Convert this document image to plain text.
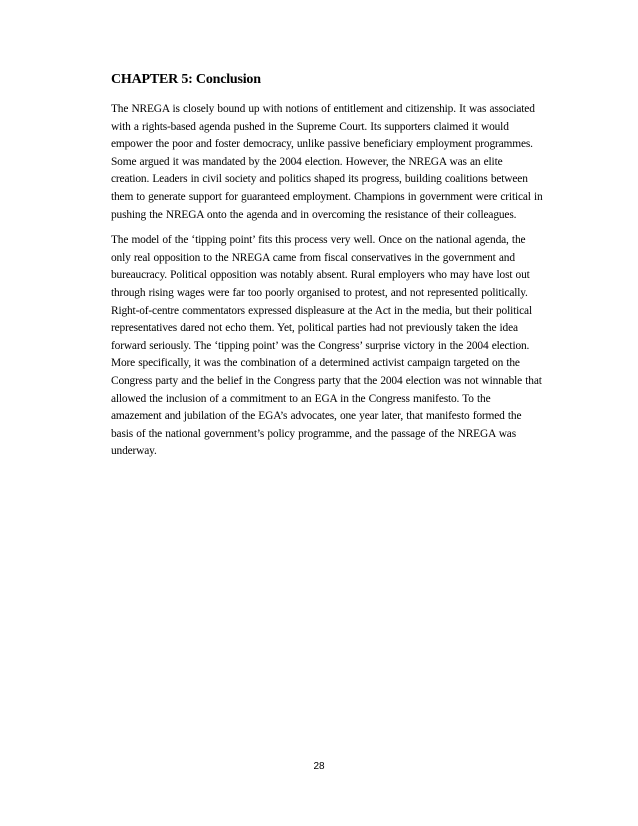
CHAPTER 5: Conclusion

The NREGA is closely bound up with notions of entitlement and citizenship. It was associated with a rights-based agenda pushed in the Supreme Court. Its supporters claimed it would empower the poor and foster democracy, unlike passive beneficiary employment programmes. Some argued it was mandated by the 2004 election. However, the NREGA was an elite creation. Leaders in civil society and politics shaped its progress, building coalitions between them to generate support for guaranteed employment. Champions in government were critical in pushing the NREGA onto the agenda and in overcoming the resistance of their colleagues.

The model of the ‘tipping point’ fits this process very well. Once on the national agenda, the only real opposition to the NREGA came from fiscal conservatives in the government and bureaucracy. Political opposition was notably absent. Rural employers who may have lost out through rising wages were far too poorly organised to protest, and not represented politically. Right-of-centre commentators expressed displeasure at the Act in the media, but their political representatives dared not echo them. Yet, political parties had not previously taken the idea forward seriously. The ‘tipping point’ was the Congress’ surprise victory in the 2004 election. More specifically, it was the combination of a determined activist campaign targeted on the Congress party and the belief in the Congress party that the 2004 election was not winnable that allowed the inclusion of a commitment to an EGA in the Congress manifesto. To the amazement and jubilation of the EGA’s advocates, one year later, that manifesto formed the basis of the national government’s policy programme, and the passage of the NREGA was underway.

28
